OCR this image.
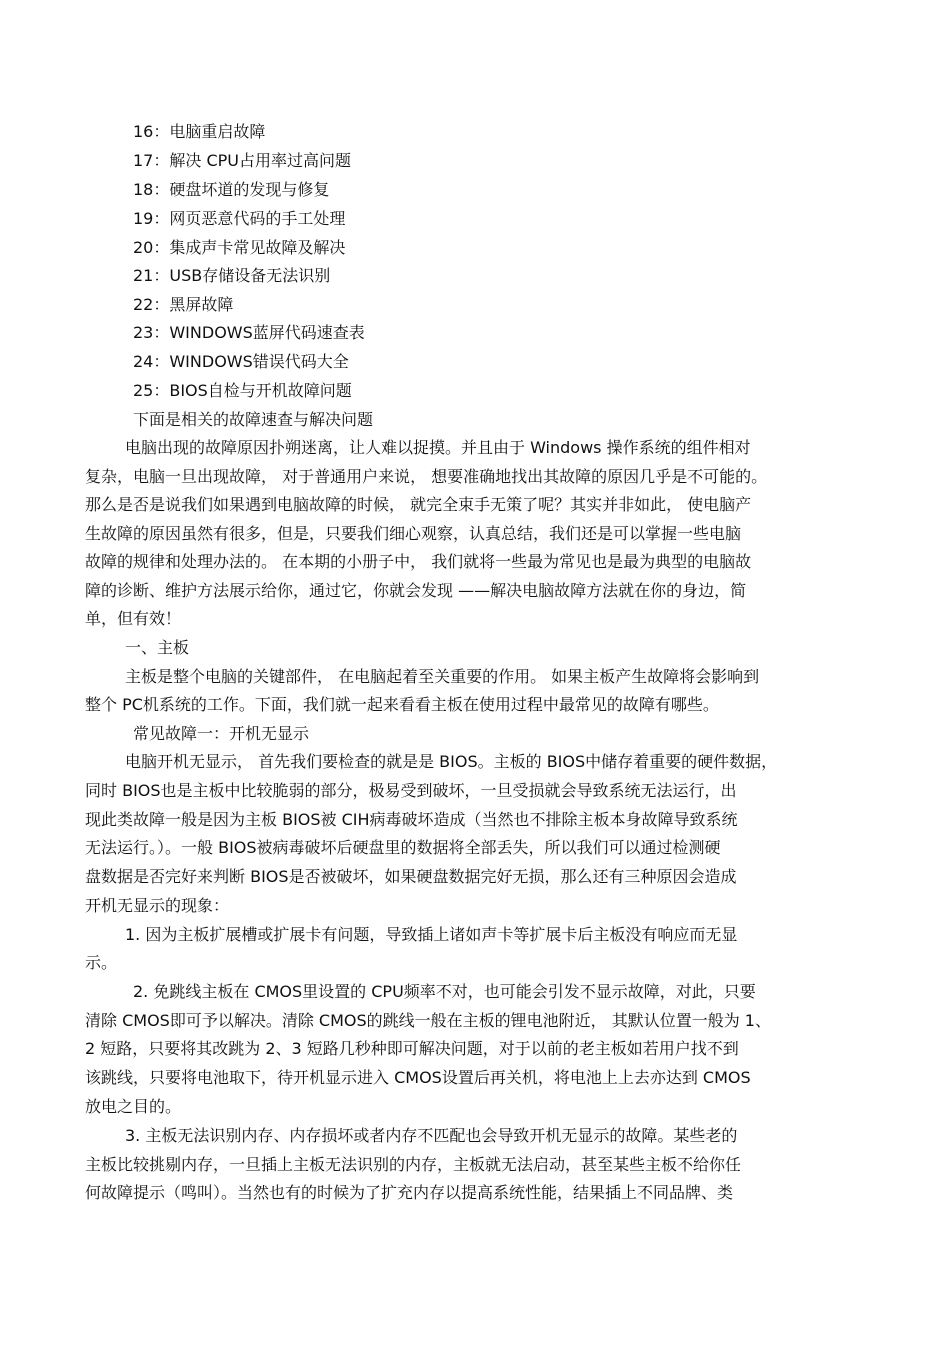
16：电脑重启故障
17：解决 CPU占用率过高问题
18：硬盘坏道的发现与修复
19：网页恶意代码的手工处理
20：集成声卡常见故障及解决
21：USB存储设备无法识别
22：黑屏故障
23：WINDOWS蓝屏代码速查表
24：WINDOWS错误代码大全
25：BIOS自检与开机故障问题
下面是相关的故障速查与解决问题
电脑出现的故障原因扑朔迷离，让人难以捉摸。并且由于 Windows 操作系统的组件相对
复杂，电脑一旦出现故障， 对于普通用户来说， 想要准确地找出其故障的原因几乎是不可能的。
那么是否是说我们如果遇到电脑故障的时候， 就完全束手无策了呢？其实并非如此， 使电脑产
生故障的原因虽然有很多，但是，只要我们细心观察，认真总结，我们还是可以掌握一些电脑
故障的规律和处理办法的。 在本期的小册子中， 我们就将一些最为常见也是最为典型的电脑故
障的诊断、维护方法展示给你，通过它，你就会发现 ——解决电脑故障方法就在你的身边，简
单，但有效！
一、主板
主板是整个电脑的关键部件， 在电脑起着至关重要的作用。 如果主板产生故障将会影响到
整个 PC机系统的工作。下面，我们就一起来看看主板在使用过程中最常见的故障有哪些。
常见故障一：开机无显示
电脑开机无显示， 首先我们要检查的就是是 BIOS。主板的 BIOS中储存着重要的硬件数据，
同时 BIOS也是主板中比较脆弱的部分，极易受到破坏，一旦受损就会导致系统无法运行，出
现此类故障一般是因为主板 BIOS被 CIH病毒破坏造成（当然也不排除主板本身故障导致系统
无法运行。）。一般 BIOS被病毒破坏后硬盘里的数据将全部丢失，所以我们可以通过检测硬
盘数据是否完好来判断 BIOS是否被破坏，如果硬盘数据完好无损，那么还有三种原因会造成
开机无显示的现象：
1. 因为主板扩展槽或扩展卡有问题，导致插上诸如声卡等扩展卡后主板没有响应而无显
示。
2. 免跳线主板在 CMOS里设置的 CPU频率不对，也可能会引发不显示故障，对此，只要
清除 CMOS即可予以解决。清除 CMOS的跳线一般在主板的锂电池附近， 其默认位置一般为 1、
2 短路，只要将其改跳为 2、3 短路几秒种即可解决问题，对于以前的老主板如若用户找不到
该跳线，只要将电池取下，待开机显示进入 CMOS设置后再关机，将电池上上去亦达到 CMOS
放电之目的。
3. 主板无法识别内存、内存损坏或者内存不匹配也会导致开机无显示的故障。某些老的
主板比较挑剔内存，一旦插上主板无法识别的内存，主板就无法启动，甚至某些主板不给你任
何故障提示（鸣叫）。当然也有的时候为了扩充内存以提高系统性能，结果插上不同品牌、类
